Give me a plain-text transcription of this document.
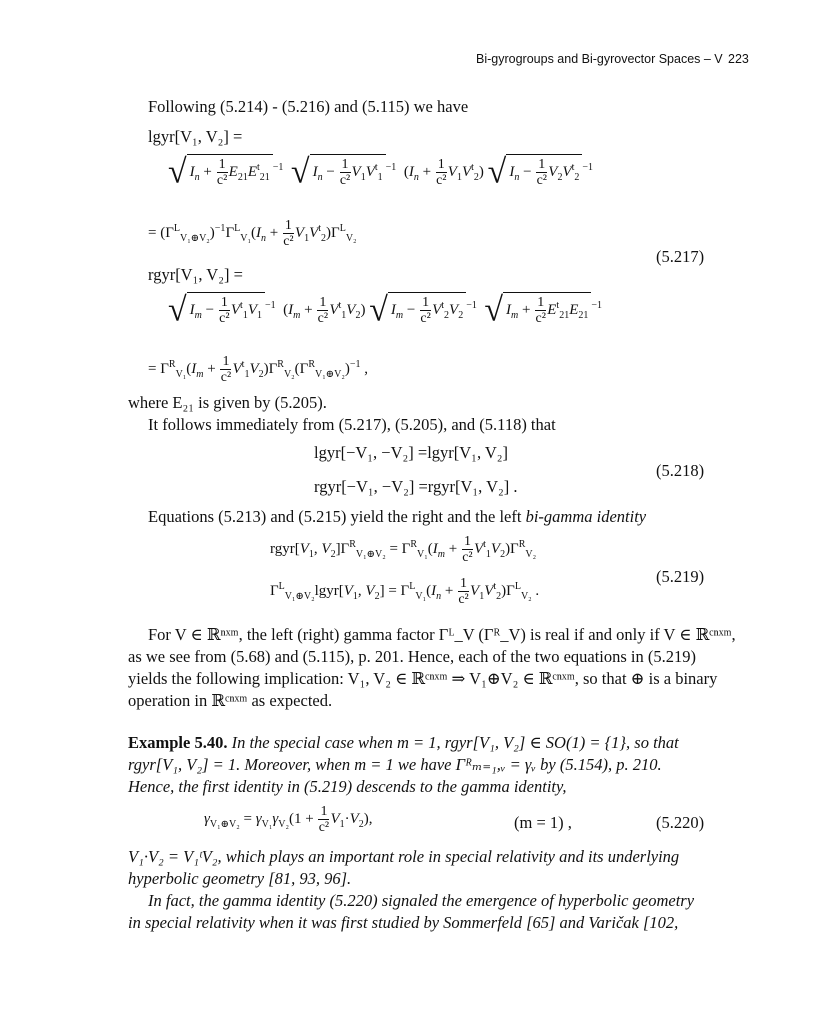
Bi-gyrogroups and Bi-gyrovector Spaces – V 223
Following (5.214) - (5.216) and (5.115) we have
lgyr[V₁, V₂] =
√ $I_n + \frac{1}{\text{c²}} E_{21}E^t_{21}^{-1}$ √ $I_n - \frac{1}{\text{c²}} V_1V^t_1^{-1}$  $(I_n + \frac{1}{\text{c²}} V_1V^t_2)$ √ $I_n - \frac{1}{\text{c²}} V_2V^t_2^{-1}$
= $(\Gamma^L_{V_1\oplus V_2})^{-1}\Gamma^L_{V_1}(I_n + \frac{1}{\text{c²}} V_1V^t_2)\Gamma^L_{V_2}$
(5.217)
rgyr[V₁, V₂] =
√ $I_m - \frac{1}{\text{c²}} V^t_1V_1^{-1}$  $(I_m + \frac{1}{\text{c²}} V^t_1V_2)$ √ $I_m - \frac{1}{\text{c²}} V^t_2V_2^{-1}$ √ $I_m + \frac{1}{\text{c²}} E^t_{21}E_{21}^{-1}$
= $\Gamma^R_{V_1}(I_m + \frac{1}{\text{c²}} V^t_1V_2)\Gamma^R_{V_2}(\Gamma^R_{V_1\oplus V_2})^{-1}$ ,
where E₂₁ is given by (5.205).
It follows immediately from (5.217), (5.205), and (5.118) that
lgyr[−V₁, −V₂] =lgyr[V₁, V₂]
(5.218)
rgyr[−V₁, −V₂] =rgyr[V₁, V₂] .
Equations (5.213) and (5.215) yield the right and the left bi-gamma identity
$rgyr[V_1$, $V_2]\Gamma^R_{V_1\oplus V_2} = \Gamma^R_{V_1}(I_m + \frac{1}{\text{c²}} V^t_1V_2)\Gamma^R_{V_2}$
(5.219)
$\Gamma^L_{V_1\oplus V_2}lgyr[V_1$, $V_2] = \Gamma^L_{V_1}(I_n + \frac{1}{\text{c²}} V_1V^t_2)\Gamma^L_{V_2}$ .
For V ∈ ℝⁿˣᵐ, the left (right) gamma factor Γᴸ_V (Γᴿ_V) is real if and only if V ∈ ℝᶜⁿˣᵐ,
as we see from (5.68) and (5.115), p. 201. Hence, each of the two equations in (5.219)
yields the following implication: V₁, V₂ ∈ ℝᶜⁿˣᵐ ⇒ V₁⊕V₂ ∈ ℝᶜⁿˣᵐ, so that ⊕ is a binary
operation in ℝᶜⁿˣᵐ as expected.
Example 5.40. In the special case when m = 1, rgyr[V₁, V₂] ∈ SO(1) = {1}, so that
rgyr[V₁, V₂] = 1. Moreover, when m = 1 we have Γᴿₘ₌₁,ᵥ = γᵥ by (5.154), p. 210.
Hence, the first identity in (5.219) descends to the gamma identity,
$\gamma_{V_1\oplus V_2} = \gamma_{V_1}\gamma_{V_2}(1 + \frac{1}{\text{c²}} V_1\cdot V_2)$,	(m = 1) ,	(5.220)
V₁·V₂ = V₁ᵗV₂, which plays an important role in special relativity and its underlying
hyperbolic geometry [81, 93, 96].
In fact, the gamma identity (5.220) signaled the emergence of hyperbolic geometry
in special relativity when it was first studied by Sommerfeld [65] and Varičak [102,
